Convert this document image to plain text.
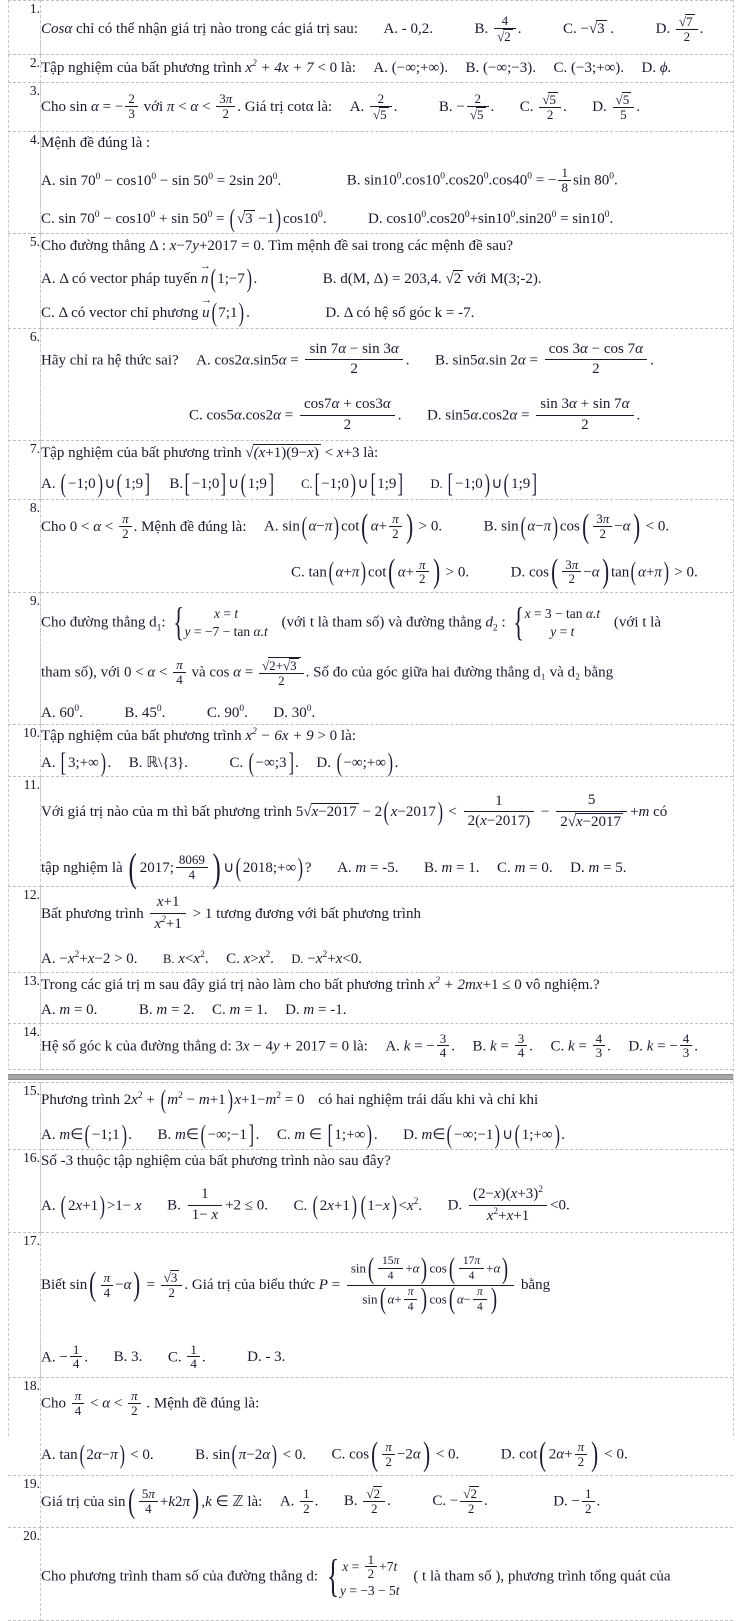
1.	
Cosα chỉ có thể nhận giá trị nào trong các giá trị sau: A. - 0,2.	B. $\frac{4}{√2}$ .	C. −√3 .	D. $\frac{√7}{2}$ .

2.	Tập nghiệm của bất phương trình $x^2 + 4x + 7 < 0$ là: A. (−∞;+∞). B. (−∞;−3). C. (−3;+∞). D. ϕ.

3.	
Cho sin α = − $\frac{2}{3}$ với $\pi < \alpha < \frac{3\pi}{2}$ . Giá trị cotα là: A. $\frac{2}{√5}$ .	B. − $\frac{2}{√5}$ . C. $\frac{√5}{2}$ . D. $\frac{√5}{5}$ .

4.	Mệnh đề đúng là :
A. $\sin 70^0 - \cos 10^0 - \sin 50^0 = 2\sin$ $20^0$.	B. $\sin 10^0.\cos 10^0.\cos 20^0.\cos 40^0$ = − $\frac{1}{8}$ $\sin 80^0$.
C. $\sin 70^0 - \cos 10^0 + \sin 50^0$ = ( √3 −1) $\cos 10^0$.	D. $\cos 10^0.\cos 20^0+\sin 10^0.\sin 20^0 = \sin 10^0$.

5.	Cho đường thẳng Δ : x−7y+2017 = 0. Tìm mệnh đề sai trong các mệnh đề sau?
A. Δ có vector pháp tuyến → n( 1;−7) . B. d(M, Δ) = 203,4. √2 với M(3;-2).
C. Δ có vector chỉ phương → u( 7;1) . D. Δ có hệ số góc k = -7.

6.	
Hãy chỉ ra hệ thức sai? A. $\cos 2\alpha.\sin 5\alpha = \frac{\sin 7\alpha - \sin 3\alpha}{2}$ . B. sin5α.sin $2\alpha = \frac{\cos 3\alpha - \cos 7\alpha}{2}$ .
C. $\cos 5\alpha.\cos 2\alpha = \frac{\cos 7\alpha + \cos 3\alpha}{2}$ . D. $\sin 5\alpha.\cos 2\alpha = \frac{\sin 3\alpha + \sin 7\alpha}{2}$ .

7.	Tập nghiệm của bất phương trình √(x+1)(9−x) < x+3 là:
A. ( −1;0) ∪( 1;9] B.[ −1;0] ∪( 1;9] C.[ −1;0) ∪[ 1;9] D. [ −1;0) ∪( 1;9]

8.	
Cho $0 < \alpha < \frac{\pi}{2}$ . Mệnh đề đúng là: A. sin( α−π) cot( $\alpha+ \frac{\pi}{2}$ ) > 0.	B. sin( α−π) $\cos( \frac{3\pi}{2} -\alpha) < 0$.
C. tan( α+π) cot( $\alpha+ \frac{\pi}{2}$ ) > 0.	D. $\cos( \frac{3\pi}{2} -\alpha)$ tan( α+π) > 0.

9.	
Cho đường thẳng $d_1$: {	x = t
y = −7 − tan α.t
(với t là tham số) và đường thẳng $d_2$ : { x = 3 − tan α.t
y = t
(với t là
tham số), với $0 < \alpha < \frac{\pi}{4}$ và $\cos \alpha = \frac{√2+√3}{2}$ . Số đo của góc giữa hai đường thẳng d₁ và d₂ bằng
A. $60^0$.	B. $45^0$.	C. $90^0$. D. $30^0$.

10.	Tập nghiệm của bất phương trình $x^2 - 6x + 9 > 0$ là:
A. [ 3;+∞) . B. ℝ\{3}. C. ( −∞;3] . D. ( −∞;+∞) .

11.	
Với giá trị nào của m thì bất phương trình 5√x−2017 − 2( $x-2017) < \frac{1}{2(x-2017)} - \frac{5}{2√x-2017} +m$ có
tập nghiệm là ( 2017; $\frac{8069}{4}$ ) ∪( 2018;+∞) ? A. m = -5. B. m = 1. C. m = 0. D. m = 5.

12.	Bất phương trình $\frac{x+1}{x^2+1} > 1$ tương đương với bất phương trình
A. $-x^2+x-2 > 0$. B. $x<x^2$. C. $x>x^2$. D. $-x^2+x<0$.

13.	Trong các giá trị m sau đây giá trị nào làm cho bất phương trình $x^2 + 2mx+1 \le 0$ vô nghiệm.?
A. m = 0. B. m = 2. C. m = 1. D. m = -1.

14.	
Hệ số góc k của đường thẳng d: 3x − 4y + 2017 = 0 là: A. k = − $\frac{3}{4}$ . B. $k = \frac{3}{4}$ . C. $k = \frac{4}{3}$ . D. k = − $\frac{4}{3}$ .
15.	Phương trình $2x^2$ + ( $m^2 - m+1$) $x+1-m^2 = 0$ có hai nghiệm trái dấu khi và chỉ khi
A. m∈( −1;1) . B. m∈( −∞;−1] . C. m ∈ [ 1;+∞) . D. m∈( −∞;−1) ∪( 1;+∞) .

16.	Số -3 thuộc tập nghiệm của bất phương trình nào sau đây?
A. ( 2x+1) >1− x B. $\frac{1}{1- x} +2 \le 0$. C. ( 2x+1) ( $1-x) <x^2$. D. $\frac{(2-x)(x+3)^2}{x^2+x+1} <0$.

17.	
Biết $\sin( \frac{\pi}{4} -\alpha) = \frac{√3}{2}$ . Giá trị của biểu thức $P = \frac{\sin( \frac{15\pi}{4} +\alpha) \cos( \frac{17\pi}{4} +\alpha)}{\sin( \alpha+ \frac{\pi}{4} ) \cos( \alpha- \frac{\pi}{4} )}$ bằng
A. − $\frac{1}{4}$ . B. 3. C. $\frac{1}{4}$ .	D. - 3.

18.	
Cho $\frac{\pi}{4} < \alpha < \frac{\pi}{2}$ . Mệnh đề đúng là:
A. tan( 2α−π) < 0.	B. sin( π−2α) < 0. C. $\cos( \frac{\pi}{2} -2\alpha) < 0$.	D. cot( $2\alpha+ \frac{\pi}{2}$ ) < 0.

19.	
Giá trị của $\sin( \frac{5\pi}{4} +k2\pi)$ ,k ∈ ℤ là: A. $\frac{1}{2}$ . B. $\frac{√2}{2}$ .	C. − $\frac{√2}{2}$ .	D. − $\frac{1}{2}$ .

20.	
Cho phương trình tham số của đường thẳng d: { $x = \frac{1}{2} +7t$
y = −3 − 5t
( t là tham số ), phương trình tổng quát của
